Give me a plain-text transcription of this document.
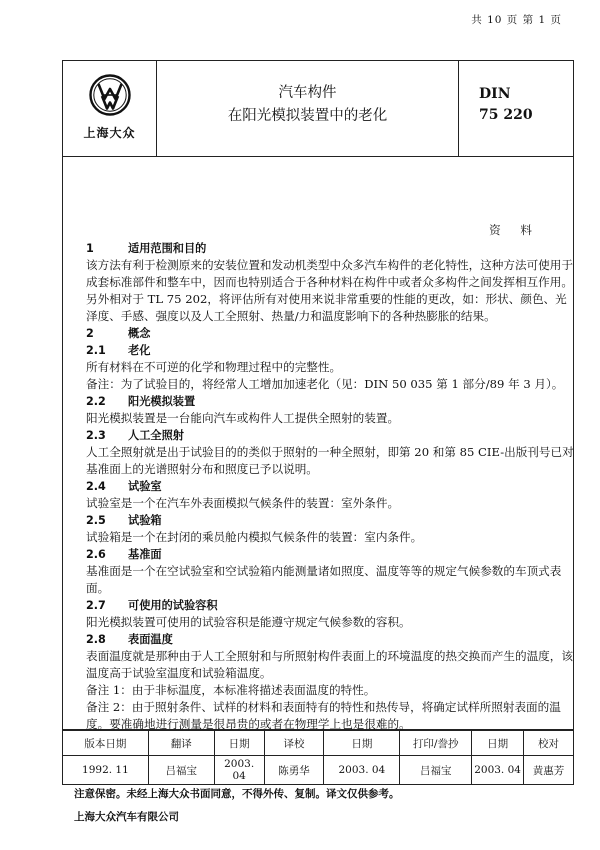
共 10 页 第 1 页
上海大众
汽车构件
在阳光模拟装置中的老化
DIN
75 220
资 料
1	适用范围和目的

该方法有利于检测原来的安装位置和发动机类型中众多汽车构件的老化特性，这种方法可使用于成套标准部件和整车中，因而也特别适合于各种材料在构件中或者众多构件之间发挥相互作用。

另外相对于 TL 75 202，将评估所有对使用来说非常重要的性能的更改，如：形状、颜色、光泽度、手感、强度以及人工全照射、热量/力和温度影响下的各种热膨胀的结果。

2	概念
2.1 老化

所有材料在不可逆的化学和物理过程中的完整性。

备注：为了试验目的，将经常人工增加加速老化（见：DIN 50 035 第 1 部分/89 年 3 月）。

2.2 阳光模拟装置

阳光模拟装置是一台能向汽车或构件人工提供全照射的装置。

2.3 人工全照射

人工全照射就是出于试验目的的类似于照射的一种全照射，即第 20 和第 85 CIE-出版刊号已对基准面上的光谱照射分布和照度已予以说明。

2.4 试验室

试验室是一个在汽车外表面模拟气候条件的装置：室外条件。

2.5 试验箱

试验箱是一个在封闭的乘员舱内模拟气候条件的装置：室内条件。

2.6 基准面

基准面是一个在空试验室和空试验箱内能测量诸如照度、温度等等的规定气候参数的车顶式表面。

2.7 可使用的试验容积

阳光模拟装置可使用的试验容积是能遵守规定气候参数的容积。

2.8 表面温度

表面温度就是那种由于人工全照射和与所照射构件表面上的环境温度的热交换而产生的温度，该温度高于试验室温度和试验箱温度。

备注 1：由于非标温度，本标准将描述表面温度的特性。

备注 2：由于照射条件、试样的材料和表面特有的特性和热传导，将确定试样所照射表面的温度。要准确地进行测量是很昂贵的或者在物理学上也是很难的。

版本日期	翻译	日期	译校	日期	打印/誊抄	日期	校对
1992. 11	吕福宝	2003.
04	陈勇华	2003. 04	吕福宝	2003. 04	黄惠芳
注意保密。未经上海大众书面同意，不得外传、复制。译文仅供参考。
上海大众汽车有限公司
